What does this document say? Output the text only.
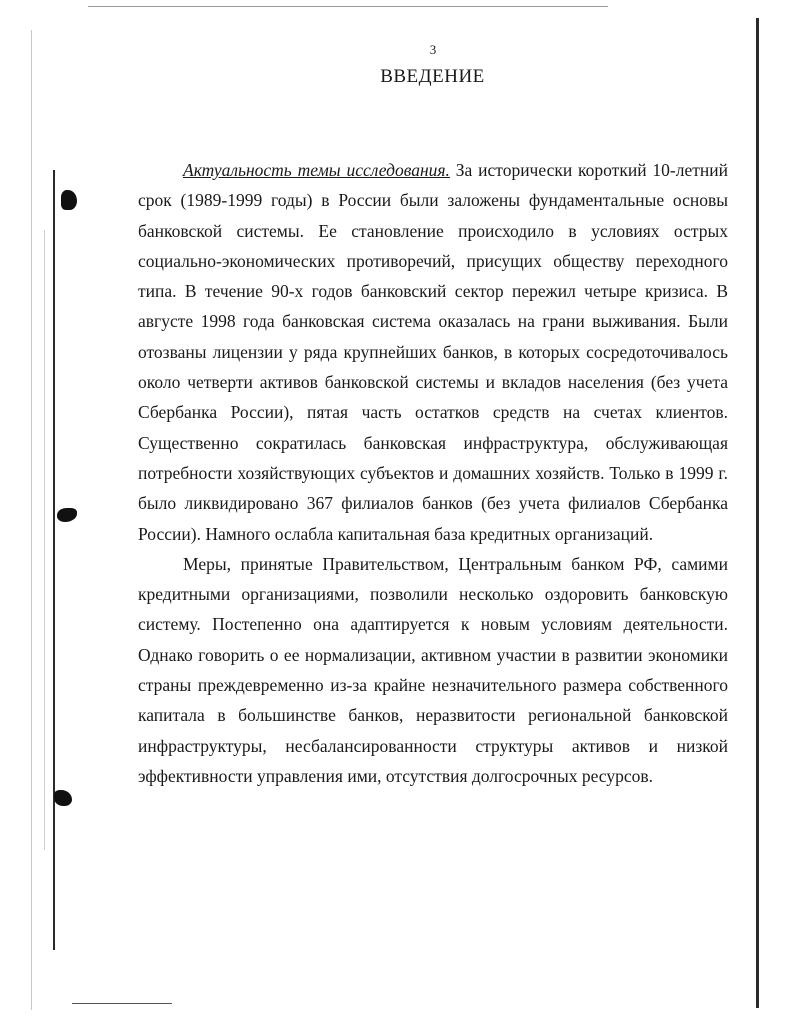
3
ВВЕДЕНИЕ

Актуальность темы исследования. За исторически короткий 10-летний срок (1989-1999 годы) в России были заложены фундаментальные основы банковской системы. Ее становление происходило в условиях острых социально-экономических противоречий, присущих обществу переходного типа. В течение 90-х годов банковский сектор пережил четыре кризиса. В августе 1998 года банковская система оказалась на грани выживания. Были отозваны лицензии у ряда крупнейших банков, в которых сосредоточивалось около четверти активов банковской системы и вкладов населения (без учета Сбербанка России), пятая часть остатков средств на счетах клиентов. Существенно сократилась банковская инфраструктура, обслуживающая потребности хозяйствующих субъектов и домашних хозяйств. Только в 1999 г. было ликвидировано 367 филиалов банков (без учета филиалов Сбербанка России). Намного ослабла капитальная база кредитных организаций.

Меры, принятые Правительством, Центральным банком РФ, самими кредитными организациями, позволили несколько оздоровить банковскую систему. Постепенно она адаптируется к новым условиям деятельности. Однако говорить о ее нормализации, активном участии в развитии экономики страны преждевременно из-за крайне незначительного размера собственного капитала в большинстве банков, неразвитости региональной банковской инфраструктуры, несбалансированности структуры активов и низкой эффективности управления ими, отсутствия долгосрочных ресурсов.
